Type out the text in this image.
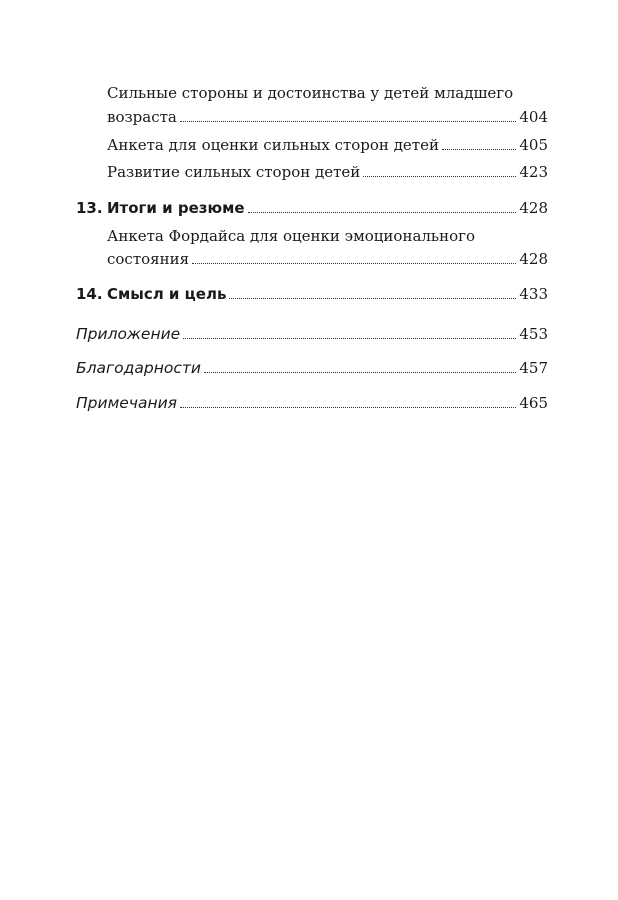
Сильные стороны и достоинства у детей младшего
возраста	404
Анкета для оценки сильных сторон детей	405
Развитие сильных сторон детей	423
13. Итоги и резюме	428
Анкета Фордайса для оценки эмоционального
состояния	428
14. Смысл и цель	433
Приложение	453
Благодарности	457
Примечания	465
